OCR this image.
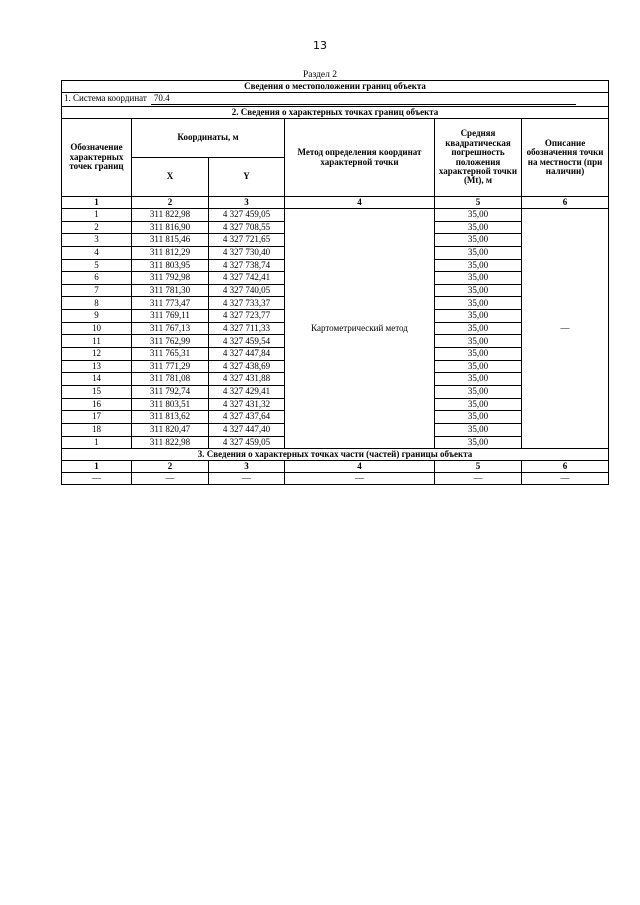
13
Раздел 2
Сведения о местоположении границ объекта					
1. Система координат 70.4					
2. Сведения о характерных точках границ объекта					
Обозначение характерных точек границ	Координаты, м		Метод определения координат характерной точки	Средняя квадратическая погрешность положения характерной точки (Mt), м	Описание обозначения точки на местности (при наличии)
	X	Y			
1	2	3	4	5	6
1	311 822,98	4 327 459,05	Картометрический метод	35,00	—
2	311 816,90	4 327 708,55		35,00	
3	311 815,46	4 327 721,65		35,00	
4	311 812,29	4 327 730,40		35,00	
5	311 803,95	4 327 738,74		35,00	
6	311 792,98	4 327 742,41		35,00	
7	311 781,30	4 327 740,05		35,00	
8	311 773,47	4 327 733,37		35,00	
9	311 769,11	4 327 723,77		35,00	
10	311 767,13	4 327 711,33		35,00	
11	311 762,99	4 327 459,54		35,00	
12	311 765,31	4 327 447,84		35,00	
13	311 771,29	4 327 438,69		35,00	
14	311 781,08	4 327 431,88		35,00	
15	311 792,74	4 327 429,41		35,00	
16	311 803,51	4 327 431,32		35,00	
17	311 813,62	4 327 437,64		35,00	
18	311 820,47	4 327 447,40		35,00	
1	311 822,98	4 327 459,05		35,00	
3. Сведения о характерных точках части (частей) границы объекта					
1	2	3	4	5	6
—	—	—	—	—	—
